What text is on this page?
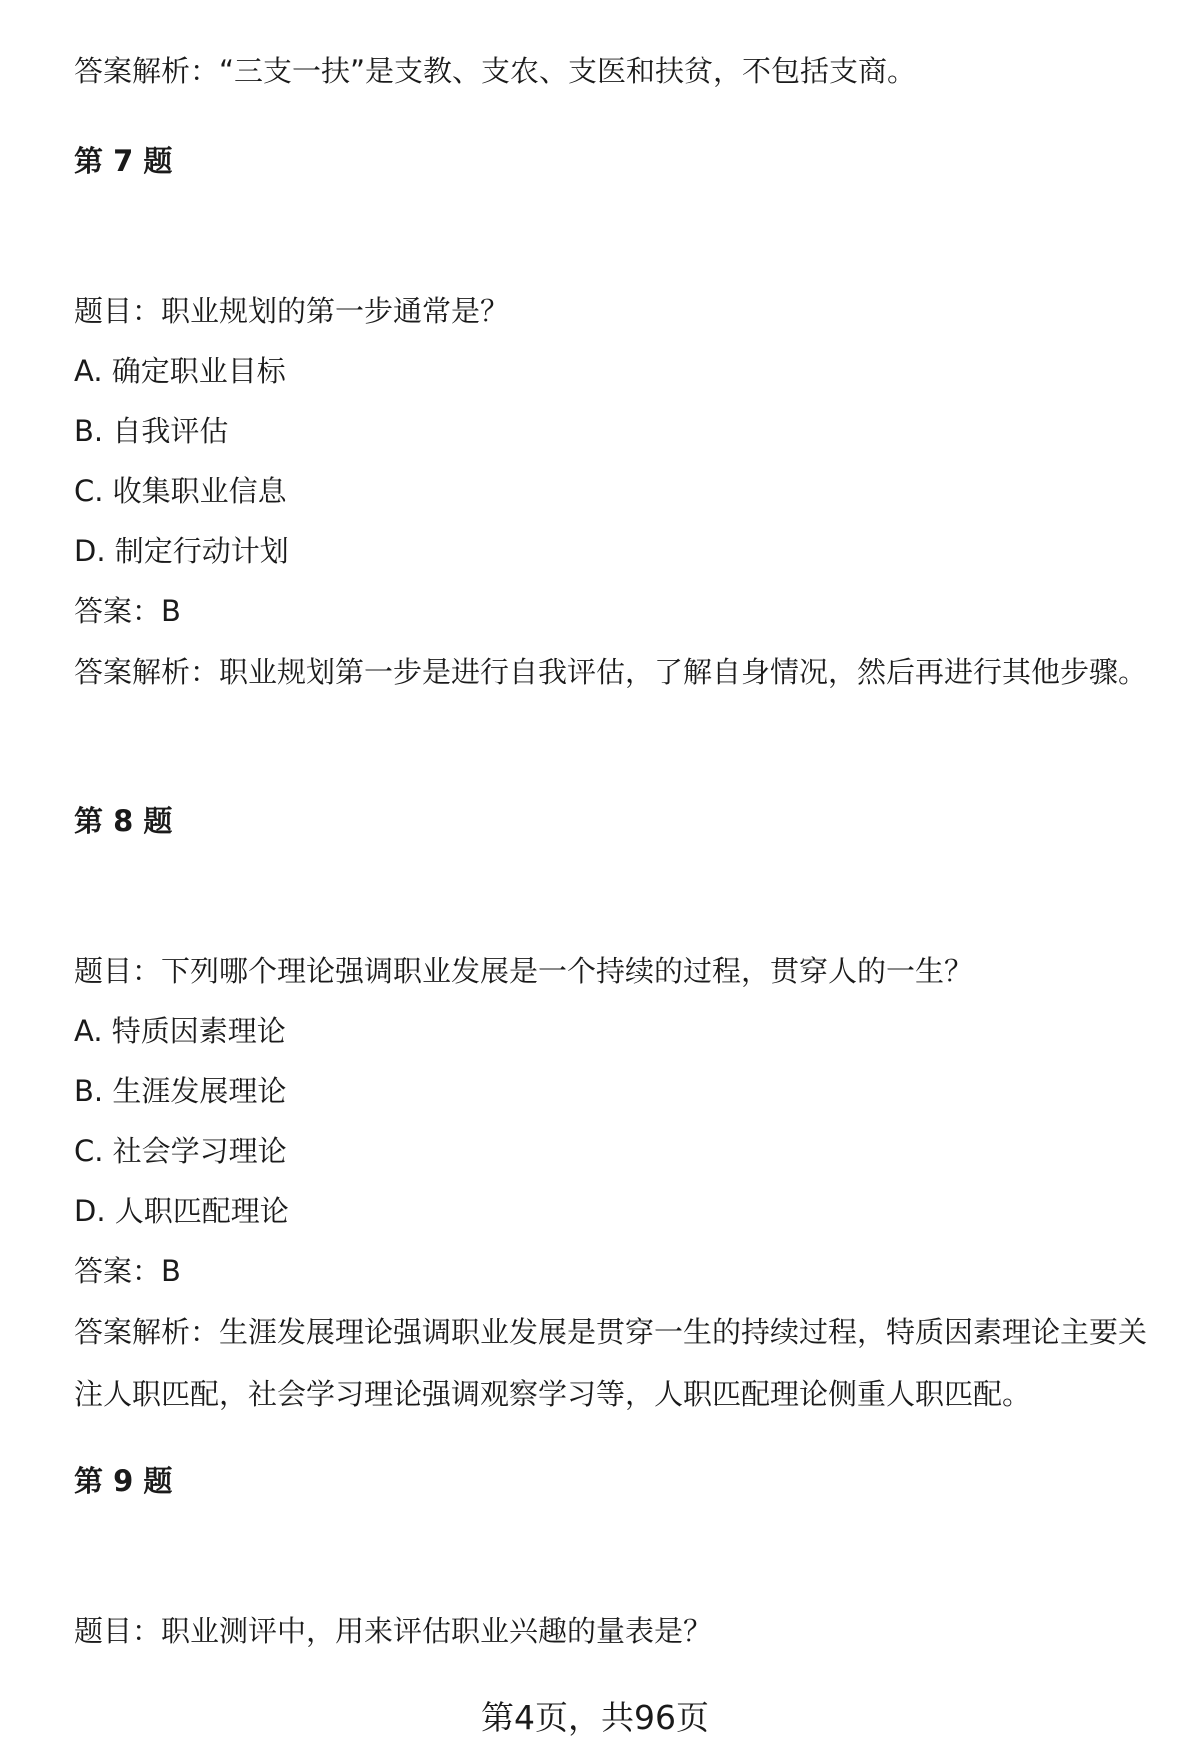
答案解析：“三支一扶”是支教、支农、支医和扶贫，不包括支商。
第 7 题
题目：职业规划的第一步通常是？
A. 确定职业目标
B. 自我评估
C. 收集职业信息
D. 制定行动计划
答案：B
答案解析：职业规划第一步是进行自我评估，了解自身情况，然后再进行其他步骤。
第 8 题
题目：下列哪个理论强调职业发展是一个持续的过程，贯穿人的一生？
A. 特质因素理论
B. 生涯发展理论
C. 社会学习理论
D. 人职匹配理论
答案：B
答案解析：生涯发展理论强调职业发展是贯穿一生的持续过程，特质因素理论主要关注人职匹配，社会学习理论强调观察学习等，人职匹配理论侧重人职匹配。
第 9 题
题目：职业测评中，用来评估职业兴趣的量表是？
第4页，共96页
